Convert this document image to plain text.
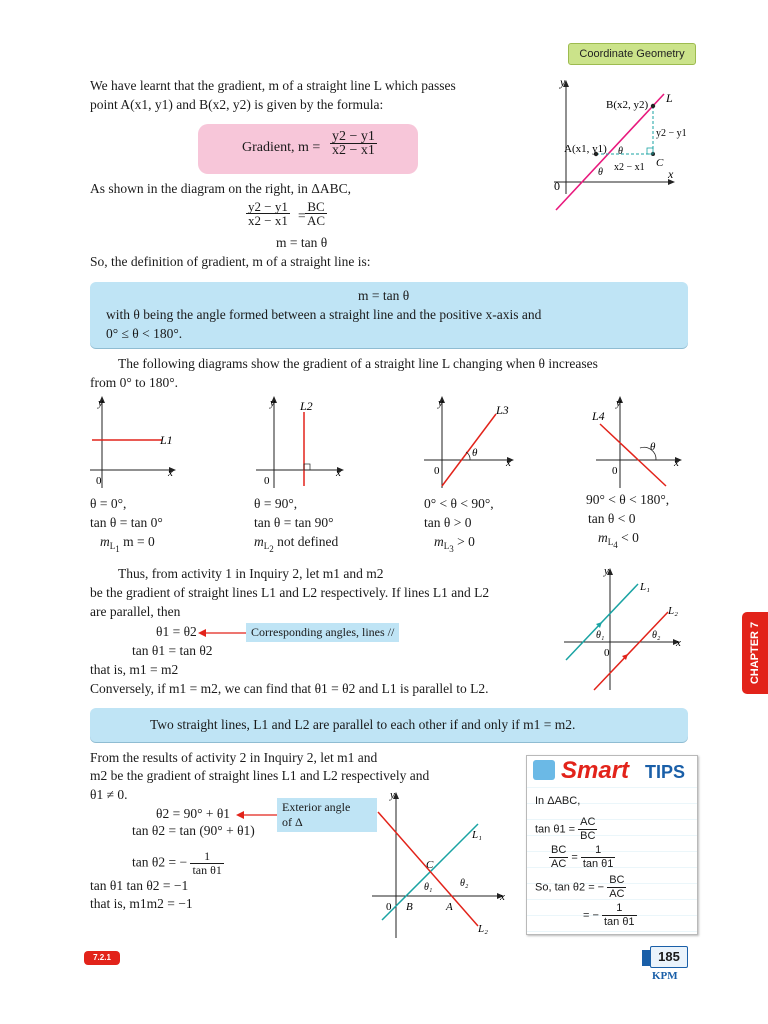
Coordinate Geometry
We have learnt that the gradient, m of a straight line L which passes
point A(x1, y1) and B(x2, y2) is given by the formula:
Gradient, $m = \frac{y2 - y1}{x2 - x1}$
As shown in the diagram on the right, in ΔABC,
$\frac{y2 - y1}{x2 - x1} = \frac{BC}{AC}$
m = tan θ
So, the definition of gradient, m of a straight line is:
y
x
0
L
A(x1, y1)
B(x2, y2)
C
y2 − y1
x2 − x1
θ
θ
m = tan θ
with θ being the angle formed between a straight line and the positive x-axis and
0° ≤ θ < 180°.
The following diagrams show the gradient of a straight line L changing when θ increases
from 0° to 180°.
y
x
0
L1
y
x
0
L2	y
x
0
θ
L3	y
x
0
θ
L4
θ = 0°,
tan θ = tan 0°
$m_{L_1}$ m = 0
θ = 90°,
tan θ = tan 90°
$m_{L_2}$ not defined
0° < θ < 90°,
tan θ > 0
$m_{L_3} > 0$
90° < θ < 180°,
tan θ < 0
$m_{L_4} < 0$
Thus, from activity 1 in Inquiry 2, let m1 and m2
be the gradient of straight lines L1 and L2 respectively. If lines L1 and L2
are parallel, then
θ1 = θ2
tan θ1 = tan θ2
that is, m1 = m2
Conversely, if m1 = m2, we can find that θ1 = θ2 and L1 is parallel to L2.
Corresponding angles, lines //
y
x
0
L₁
L₂
θ₁	θ₂
Two straight lines, L1 and L2 are parallel to each other if and only if m1 = m2.
From the results of activity 2 in Inquiry 2, let m1 and
m2 be the gradient of straight lines L1 and L2 respectively and
θ1 ≠ 0.
θ2 = 90° + θ1
tan θ2 = tan (90° + θ1)
tan θ2 = − $\frac{1}{\text{tan θ1}}$
tan θ1 tan θ2 = −1
that is, m1m2 = −1
Exterior angle
of Δ
y
x
0
L₁
L₂
C
B	A
θ₁	θ₂
Smart TIPS
In ΔABC,
$\tan \theta 1 = \frac{AC}{BC}$
$\frac{BC}{AC} = \frac{1}{\text{tan θ1}}$
So, tan θ2 = − $\frac{BC}{AC}$
= − $\frac{1}{\text{tan θ1}}$
CHAPTER 7
7.2.1	185
KPM
